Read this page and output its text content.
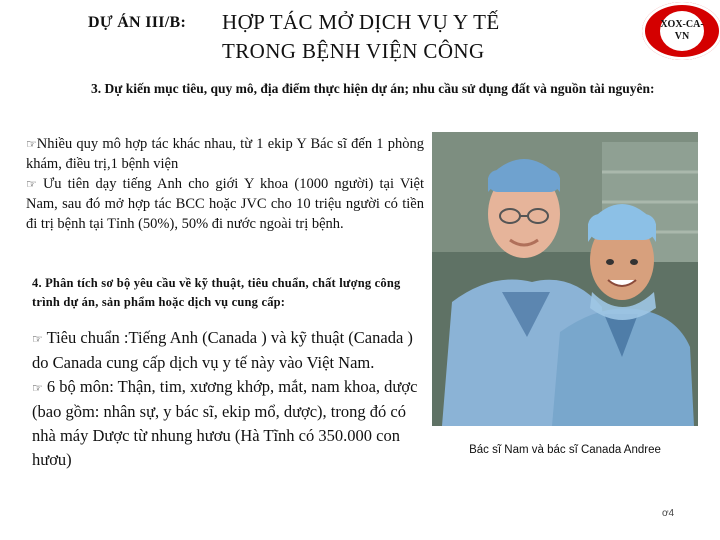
DỰ ÁN III/B: HỢP TÁC MỞ DỊCH VỤ Y TẾ
TRONG BỆNH VIỆN CÔNG
XOX-CA-VN
3. Dự kiến mục tiêu, quy mô, địa điểm thực hiện dự án; nhu cầu sử dụng đất và nguồn tài nguyên:

☞Nhiều quy mô hợp tác khác nhau, từ 1 ekip Y Bác sĩ đến 1 phòng khám, điều trị,1 bệnh viện

☞ Ưu tiên dạy tiếng Anh cho giới Y khoa (1000 người) tại Việt Nam, sau đó mở hợp tác BCC hoặc JVC cho 10 triệu người có tiền đi trị bệnh tại Tỉnh (50%), 50% đi nước ngoài trị bệnh.

4. Phân tích sơ bộ yêu cầu về kỹ thuật, tiêu chuẩn, chất lượng công trình dự án, sản phẩm hoặc dịch vụ cung cấp:

☞ Tiêu chuẩn :Tiếng Anh (Canada ) và kỹ thuật (Canada ) do Canada cung cấp dịch vụ y tế này vào Việt Nam.

☞ 6 bộ môn: Thận, tim, xương khớp, mắt, nam khoa, dược (bao gồm: nhân sự, y bác sĩ, ekip mổ, dược), trong đó có nhà máy Dược từ nhung hươu (Hà Tĩnh có 350.000 con hươu)	Bác sĩ Nam và bác sĩ Canada Andree
ơ4
